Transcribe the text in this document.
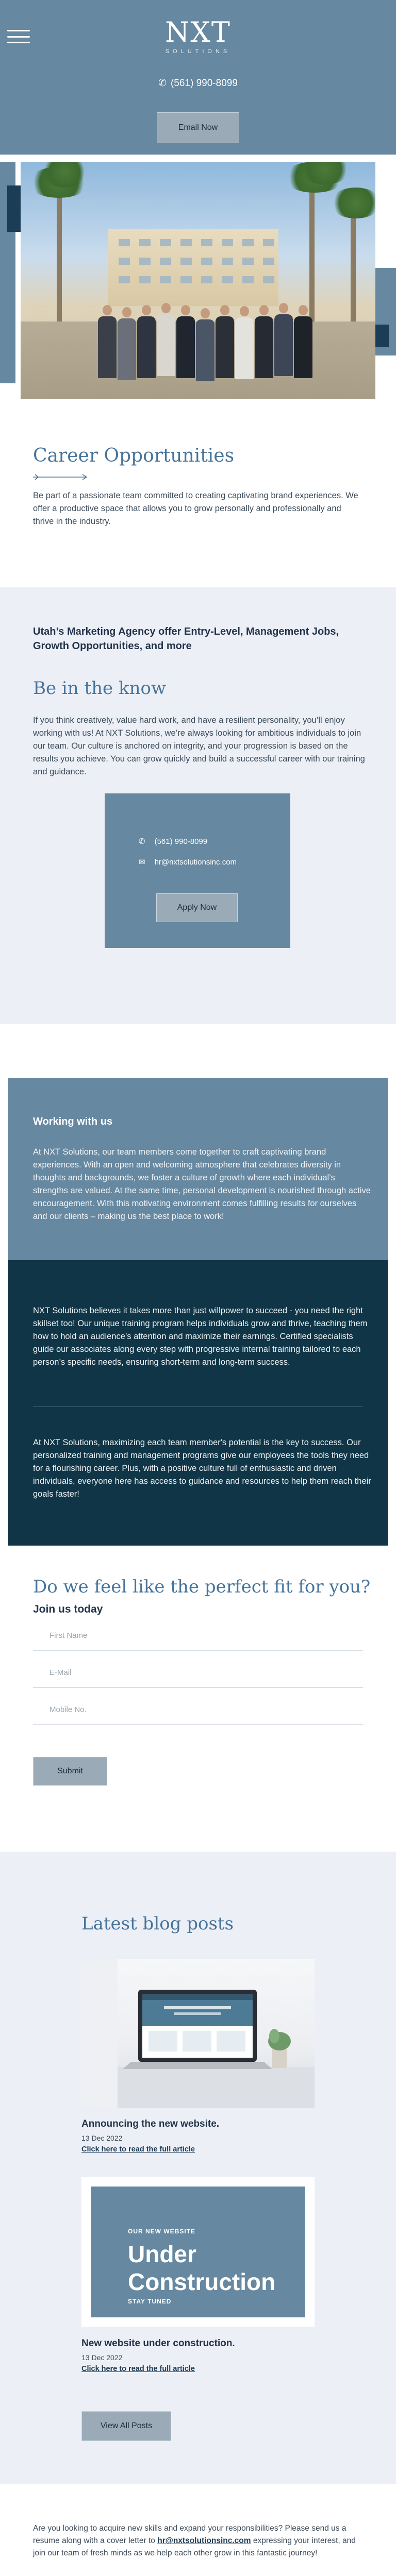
NXT
SOLUTIONS
✆ (561) 990-8099
Email Now
Career Opportunities

Be part of a passionate team committed to creating captivating brand experiences. We offer a productive space that allows you to grow personally and professionally and thrive in the industry.

Utah’s Marketing Agency offer Entry-Level, Management Jobs, Growth Opportunities, and more
Be in the know

If you think creatively, value hard work, and have a resilient personality, you’ll enjoy working with us! At NXT Solutions, we’re always looking for ambitious individuals to join our team. Our culture is anchored on integrity, and your progression is based on the results you achieve. You can grow quickly and build a successful career with our training and guidance.

✆ (561) 990-8099
✉ hr@nxtsolutionsinc.com
Apply Now
Working with us

At NXT Solutions, our team members come together to craft captivating brand experiences. With an open and welcoming atmosphere that celebrates diversity in thoughts and backgrounds, we foster a culture of growth where each individual’s strengths are valued. At the same time, personal development is nourished through active encouragement. With this motivating environment comes fulfilling results for ourselves and our clients – making us the best place to work!

NXT Solutions believes it takes more than just willpower to succeed - you need the right skillset too! Our unique training program helps individuals grow and thrive, teaching them how to hold an audience’s attention and maximize their earnings. Certified specialists guide our associates along every step with progressive internal training tailored to each person’s specific needs, ensuring short-term and long-term success.

At NXT Solutions, maximizing each team member's potential is the key to success. Our personalized training and management programs give our employees the tools they need for a flourishing career. Plus, with a positive culture full of enthusiastic and driven individuals, everyone here has access to guidance and resources to help them reach their goals faster!

Do we feel like the perfect fit for you?
Join us today
First Name
E-Mail
Mobile No.
Submit
Latest blog posts
Announcing the new website.
13 Dec 2022
Click here to read the full article
OUR NEW WEBSITE
Under Construction
STAY TUNED
New website under construction.
13 Dec 2022
Click here to read the full article
View All Posts

Are you looking to acquire new skills and expand your responsibilities? Please send us a resume along with a cover letter to hr@nxtsolutionsinc.com expressing your interest, and join our team of fresh minds as we help each other grow in this fantastic journey!
